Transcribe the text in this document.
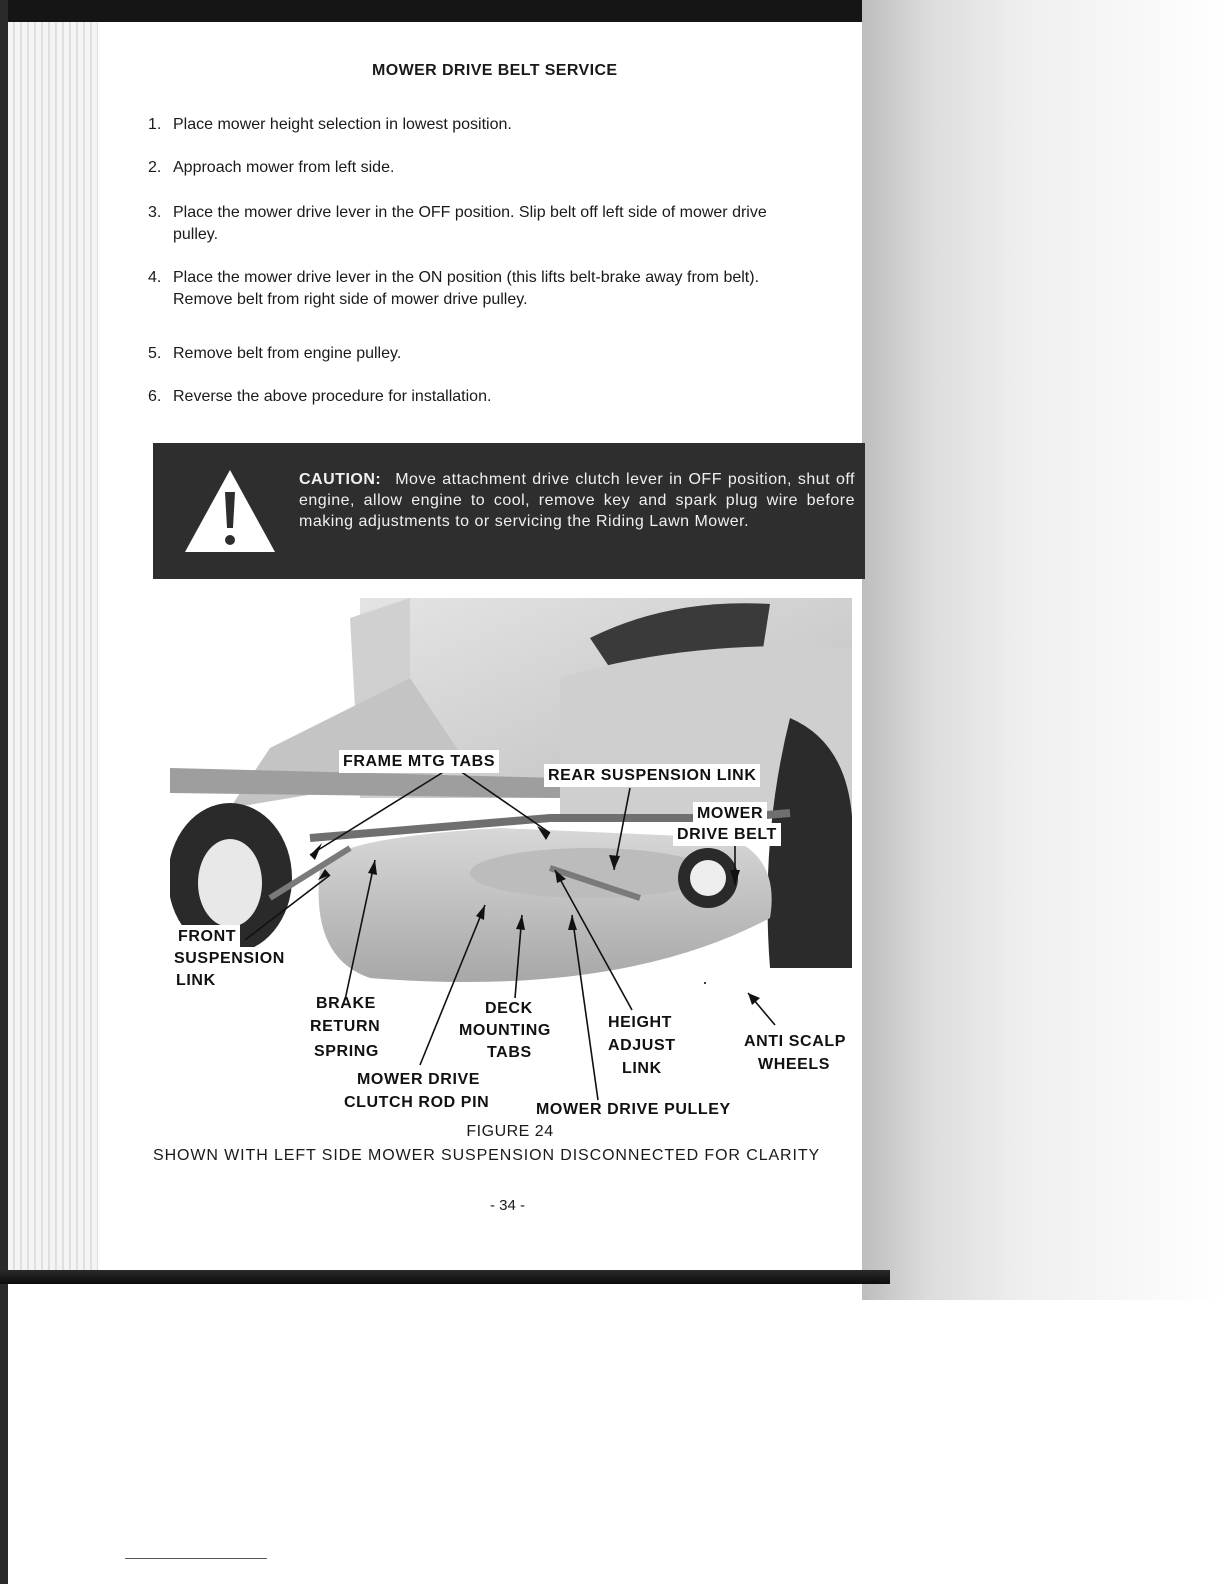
MOWER DRIVE BELT SERVICE
1. Place mower height selection in lowest position.
2. Approach mower from left side.
3. Place the mower drive lever in the OFF position. Slip belt off left side of mower drive
pulley.
4. Place the mower drive lever in the ON position (this lifts belt-brake away from belt).
Remove belt from right side of mower drive pulley.
5. Remove belt from engine pulley.
6. Reverse the above procedure for installation.
CAUTION: Move attachment drive clutch lever in OFF position, shut off engine, allow engine to cool, remove key and spark plug wire before making adjustments to or servicing the Riding Lawn Mower.
FRAME MTG TABS
REAR SUSPENSION LINK
MOWER
DRIVE BELT
FRONT
SUSPENSION
LINK
BRAKE
RETURN
SPRING
DECK
MOUNTING
TABS
HEIGHT
ADJUST
LINK
ANTI SCALP
WHEELS
MOWER DRIVE
CLUTCH ROD PIN	MOWER DRIVE PULLEY
FIGURE 24
SHOWN WITH LEFT SIDE MOWER SUSPENSION DISCONNECTED FOR CLARITY
- 34 -
